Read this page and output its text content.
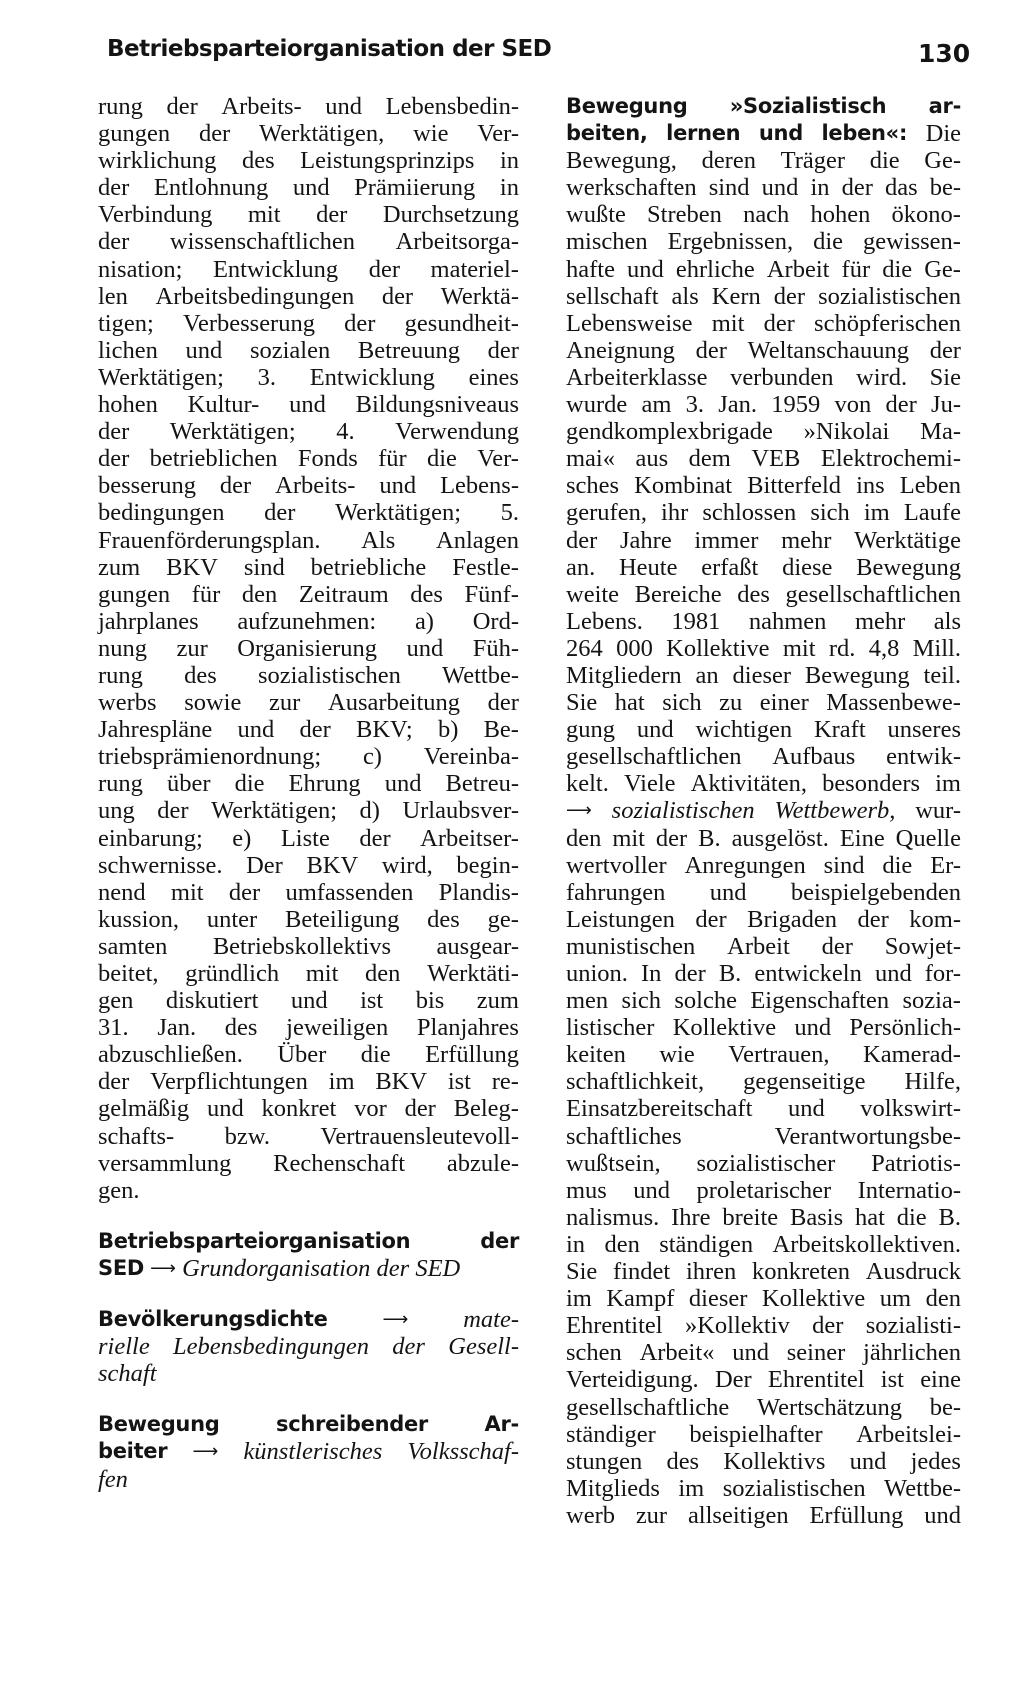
Betriebsparteiorganisation der SED	130
rung der Arbeits- und Lebensbedin-
gungen der Werktätigen, wie Ver-
wirklichung des Leistungsprinzips in
der Entlohnung und Prämiierung in
Verbindung mit der Durchsetzung
der wissenschaftlichen Arbeitsorga-
nisation; Entwicklung der materiel-
len Arbeitsbedingungen der Werktä-
tigen; Verbesserung der gesundheit-
lichen und sozialen Betreuung der
Werktätigen; 3. Entwicklung eines
hohen Kultur- und Bildungsniveaus
der Werktätigen; 4. Verwendung
der betrieblichen Fonds für die Ver-
besserung der Arbeits- und Lebens-
bedingungen der Werktätigen; 5.
Frauenförderungsplan. Als Anlagen
zum BKV sind betriebliche Festle-
gungen für den Zeitraum des Fünf-
jahrplanes aufzunehmen: a) Ord-
nung zur Organisierung und Füh-
rung des sozialistischen Wettbe-
werbs sowie zur Ausarbeitung der
Jahrespläne und der BKV; b) Be-
triebsprämienordnung; c) Vereinba-
rung über die Ehrung und Betreu-
ung der Werktätigen; d) Urlaubsver-
einbarung; e) Liste der Arbeitser-
schwernisse. Der BKV wird, begin-
nend mit der umfassenden Plandis-
kussion, unter Beteiligung des ge-
samten Betriebskollektivs ausgear-
beitet, gründlich mit den Werktäti-
gen diskutiert und ist bis zum
31. Jan. des jeweiligen Planjahres
abzuschließen. Über die Erfüllung
der Verpflichtungen im BKV ist re-
gelmäßig und konkret vor der Beleg-
schafts- bzw. Vertrauensleutevoll-
versammlung Rechenschaft abzule-
gen.
Betriebsparteiorganisation	der
SED
⟶
Grundorganisation
der
SED
Bevölkerungsdichte	⟶ mate-
rielle Lebensbedingungen der Gesell-
schaft
Bewegung	schreibender	Ar-
beiter ⟶ künstlerisches Volksschaf-
fen
Bewegung »Sozialistisch ar-
beiten, lernen und leben«: Die
Bewegung, deren Träger die Ge-
werkschaften sind und in der das be-
wußte Streben nach hohen ökono-
mischen Ergebnissen, die gewissen-
hafte und ehrliche Arbeit für die Ge-
sellschaft als Kern der sozialistischen
Lebensweise mit der schöpferischen
Aneignung der Weltanschauung der
Arbeiterklasse verbunden wird. Sie
wurde am 3. Jan. 1959 von der Ju-
gendkomplexbrigade »Nikolai Ma-
mai« aus dem VEB Elektrochemi-
sches Kombinat Bitterfeld ins Leben
gerufen, ihr schlossen sich im Laufe
der Jahre immer mehr Werktätige
an. Heute erfaßt diese Bewegung
weite Bereiche des gesellschaftlichen
Lebens. 1981 nahmen mehr als
264 000 Kollektive mit rd. 4,8 Mill.
Mitgliedern an dieser Bewegung teil.
Sie hat sich zu einer Massenbewe-
gung und wichtigen Kraft unseres
gesellschaftlichen Aufbaus entwik-
kelt. Viele Aktivitäten, besonders im
⟶ sozialistischen Wettbewerb, wur-
den mit der B. ausgelöst. Eine Quelle
wertvoller Anregungen sind die Er-
fahrungen und beispielgebenden
Leistungen der Brigaden der kom-
munistischen Arbeit der Sowjet-
union. In der B. entwickeln und for-
men sich solche Eigenschaften sozia-
listischer Kollektive und Persönlich-
keiten wie Vertrauen, Kamerad-
schaftlichkeit, gegenseitige Hilfe,
Einsatzbereitschaft und volkswirt-
schaftliches	Verantwortungsbe-
wußtsein, sozialistischer Patriotis-
mus und proletarischer Internatio-
nalismus. Ihre breite Basis hat die B.
in den ständigen Arbeitskollektiven.
Sie findet ihren konkreten Ausdruck
im Kampf dieser Kollektive um den
Ehrentitel »Kollektiv der sozialisti-
schen Arbeit« und seiner jährlichen
Verteidigung. Der Ehrentitel ist eine
gesellschaftliche Wertschätzung be-
ständiger beispielhafter Arbeitslei-
stungen des Kollektivs und jedes
Mitglieds im sozialistischen Wettbe-
werb zur allseitigen Erfüllung und
